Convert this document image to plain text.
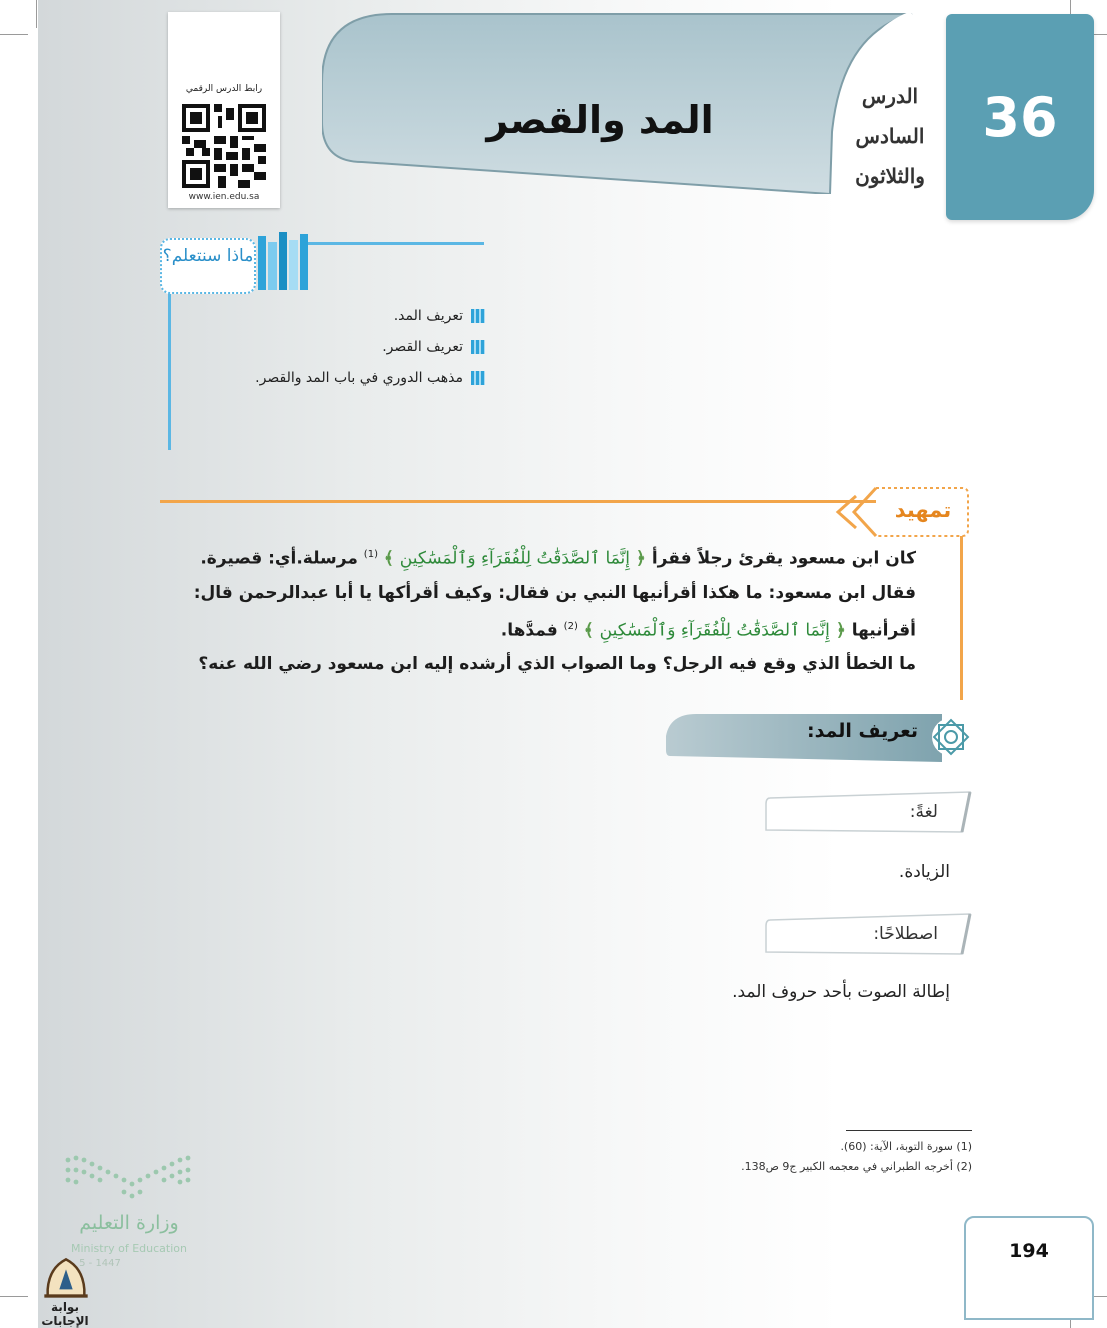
36
الدرس السادس والثلاثون
المد والقصر
رابط الدرس الرقمي
www.ien.edu.sa
ماذا سنتعلم؟
تعريف المد.
تعريف القصر.
مذهب الدوري في باب المد والقصر.
تمهيد
كان ابن مسعود يقرئ رجلاً فقرأ ﴿ إِنَّمَا ٱلصَّدَقَٰتُ لِلْفُقَرَآءِ وَٱلْمَسَٰكِينِ ﴾ $^{(1)}$ مرسلة.أي: قصيرة.
فقال ابن مسعود: ما هكذا أقرأنيها النبي بن فقال: وكيف أقرأكها يا أبا عبدالرحمن قال:
أقرأنيها ﴿ إِنَّمَا ٱلصَّدَقَٰتُ لِلْفُقَرَآءِ وَٱلْمَسَٰكِينِ ﴾ $^{(2)}$ فمدَّها.
ما الخطأ الذي وقع فيه الرجل؟ وما الصواب الذي أرشده إليه ابن مسعود رضي الله عنه؟
تعريف المد:
لغةً:
الزيادة.
اصطلاحًا:
إطالة الصوت بأحد حروف المد.
(1) سورة التوبة، الآية: (60).
(2) أخرجه الطبراني في معجمه الكبير ج9 ص138.
وزارة التعليم
Ministry of Education
5 - 1447
بوابة الإجابات
194
